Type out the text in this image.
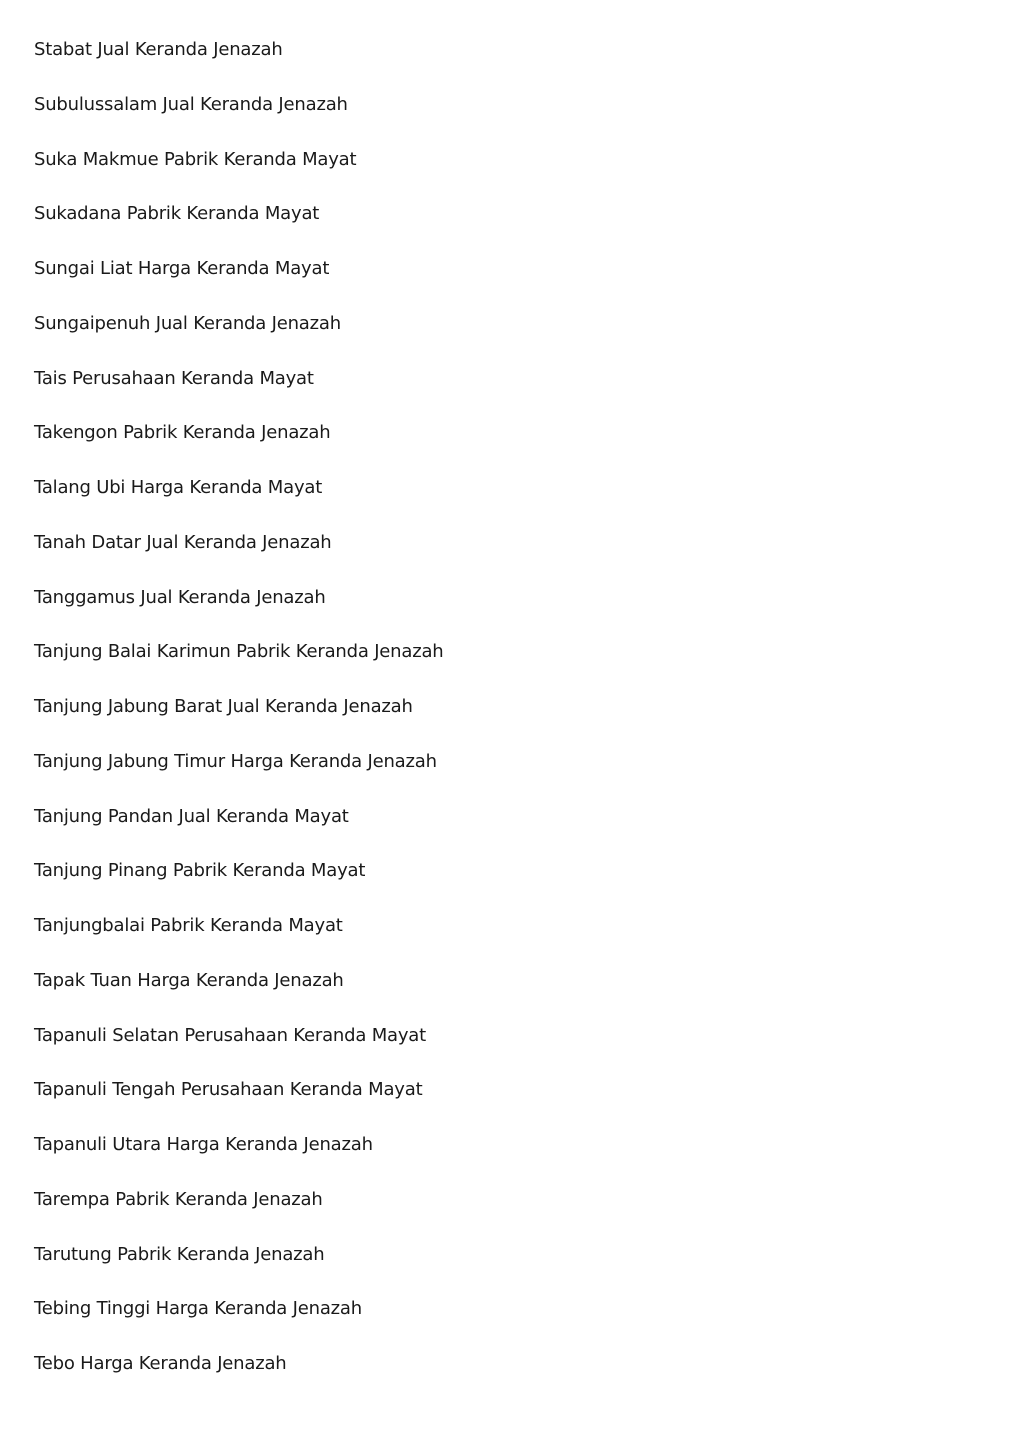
Stabat Jual Keranda Jenazah
Subulussalam Jual Keranda Jenazah
Suka Makmue Pabrik Keranda Mayat
Sukadana Pabrik Keranda Mayat
Sungai Liat Harga Keranda Mayat
Sungaipenuh Jual Keranda Jenazah
Tais Perusahaan Keranda Mayat
Takengon Pabrik Keranda Jenazah
Talang Ubi Harga Keranda Mayat
Tanah Datar Jual Keranda Jenazah
Tanggamus Jual Keranda Jenazah
Tanjung Balai Karimun Pabrik Keranda Jenazah
Tanjung Jabung Barat Jual Keranda Jenazah
Tanjung Jabung Timur Harga Keranda Jenazah
Tanjung Pandan Jual Keranda Mayat
Tanjung Pinang Pabrik Keranda Mayat
Tanjungbalai Pabrik Keranda Mayat
Tapak Tuan Harga Keranda Jenazah
Tapanuli Selatan Perusahaan Keranda Mayat
Tapanuli Tengah Perusahaan Keranda Mayat
Tapanuli Utara Harga Keranda Jenazah
Tarempa Pabrik Keranda Jenazah
Tarutung Pabrik Keranda Jenazah
Tebing Tinggi Harga Keranda Jenazah
Tebo Harga Keranda Jenazah
